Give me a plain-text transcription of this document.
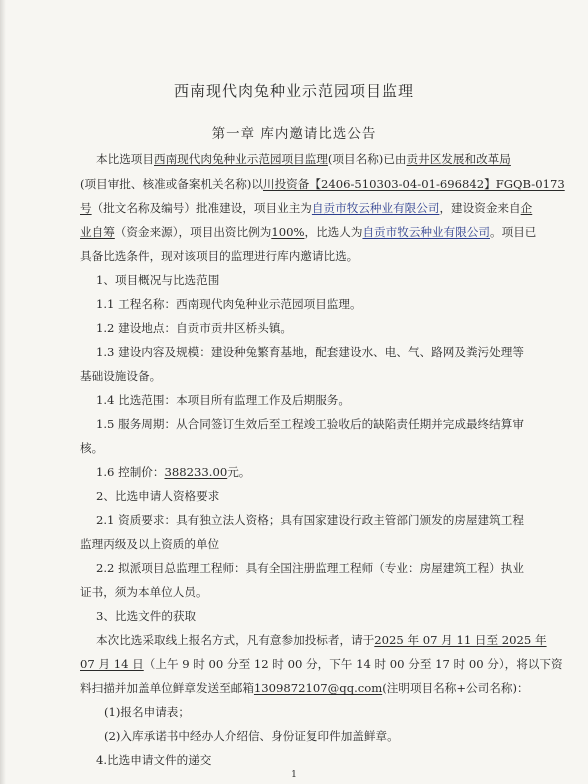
西南现代肉兔种业示范园项目监理
第一章 库内邀请比选公告
本比选项目西南现代肉兔种业示范园项目监理(项目名称)已由贡井区发展和改革局
(项目审批、核准或备案机关名称)以川投资备【2406-510303-04-01-696842】FGQB-0173
号（批文名称及编号）批准建设，项目业主为自贡市牧云种业有限公司，建设资金来自企
业自筹（资金来源），项目出资比例为100%，比选人为自贡市牧云种业有限公司。项目已
具备比选条件，现对该项目的监理进行库内邀请比选。
1、项目概况与比选范围
1.1 工程名称：西南现代肉兔种业示范园项目监理。
1.2 建设地点：自贡市贡井区桥头镇。
1.3 建设内容及规模：建设种兔繁育基地，配套建设水、电、气、路网及粪污处理等
基础设施设备。
1.4 比选范围：本项目所有监理工作及后期服务。
1.5 服务周期：从合同签订生效后至工程竣工验收后的缺陷责任期并完成最终结算审
核。
1.6 控制价：388233.00元。
2、比选申请人资格要求
2.1 资质要求：具有独立法人资格；具有国家建设行政主管部门颁发的房屋建筑工程
监理丙级及以上资质的单位
2.2 拟派项目总监理工程师：具有全国注册监理工程师（专业：房屋建筑工程）执业
证书，须为本单位人员。
3、比选文件的获取
本次比选采取线上报名方式，凡有意参加投标者，请于2025 年 07 月 11 日至 2025 年
07 月 14 日（上午 9 时 00 分至 12 时 00 分，下午 14 时 00 分至 17 时 00 分），将以下资
料扫描并加盖单位鲜章发送至邮箱1309872107@qq.com(注明项目名称+公司名称)：
(1)报名申请表；
(2)入库承诺书中经办人介绍信、身份证复印件加盖鲜章。
4.比选申请文件的递交
1
